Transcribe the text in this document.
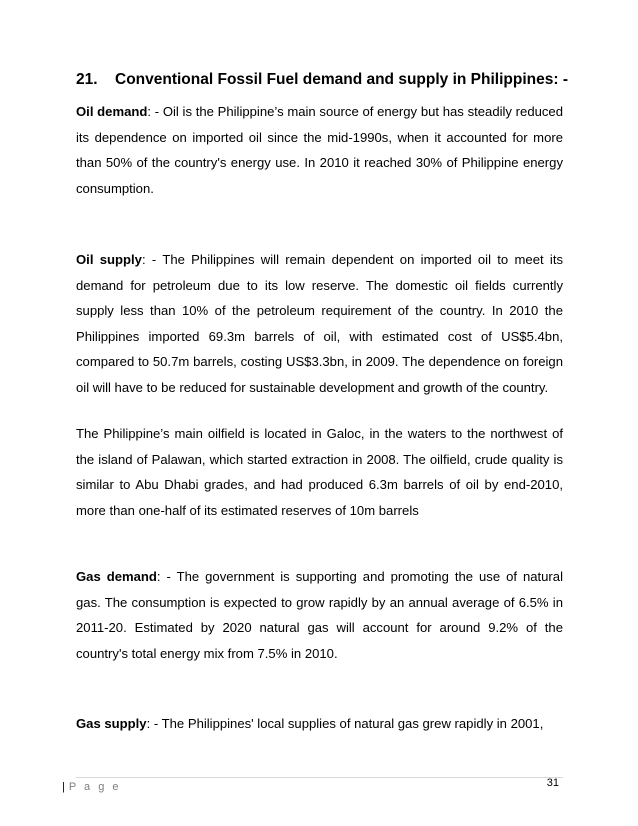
21. Conventional Fossil Fuel demand and supply in Philippines: -

Oil demand: - Oil is the Philippine’s main source of energy but has steadily reduced its dependence on imported oil since the mid-1990s, when it accounted for more than 50% of the country's energy use. In 2010 it reached 30% of Philippine energy consumption.

Oil supply: - The Philippines will remain dependent on imported oil to meet its demand for petroleum due to its low reserve. The domestic oil fields currently supply less than 10% of the petroleum requirement of the country. In 2010 the Philippines imported 69.3m barrels of oil, with estimated cost of US$5.4bn, compared to 50.7m barrels, costing US$3.3bn, in 2009. The dependence on foreign oil will have to be reduced for sustainable development and growth of the country.

The Philippine’s main oilfield is located in Galoc, in the waters to the northwest of the island of Palawan, which started extraction in 2008. The oilfield, crude quality is similar to Abu Dhabi grades, and had produced 6.3m barrels of oil by end-2010, more than one-half of its estimated reserves of 10m barrels

Gas demand: - The government is supporting and promoting the use of natural gas. The consumption is expected to grow rapidly by an annual average of 6.5% in 2011-20. Estimated by 2020 natural gas will account for around 9.2% of the country's total energy mix from 7.5% in 2010.

Gas supply: - The Philippines' local supplies of natural gas grew rapidly in 2001,

| P a g e	31
